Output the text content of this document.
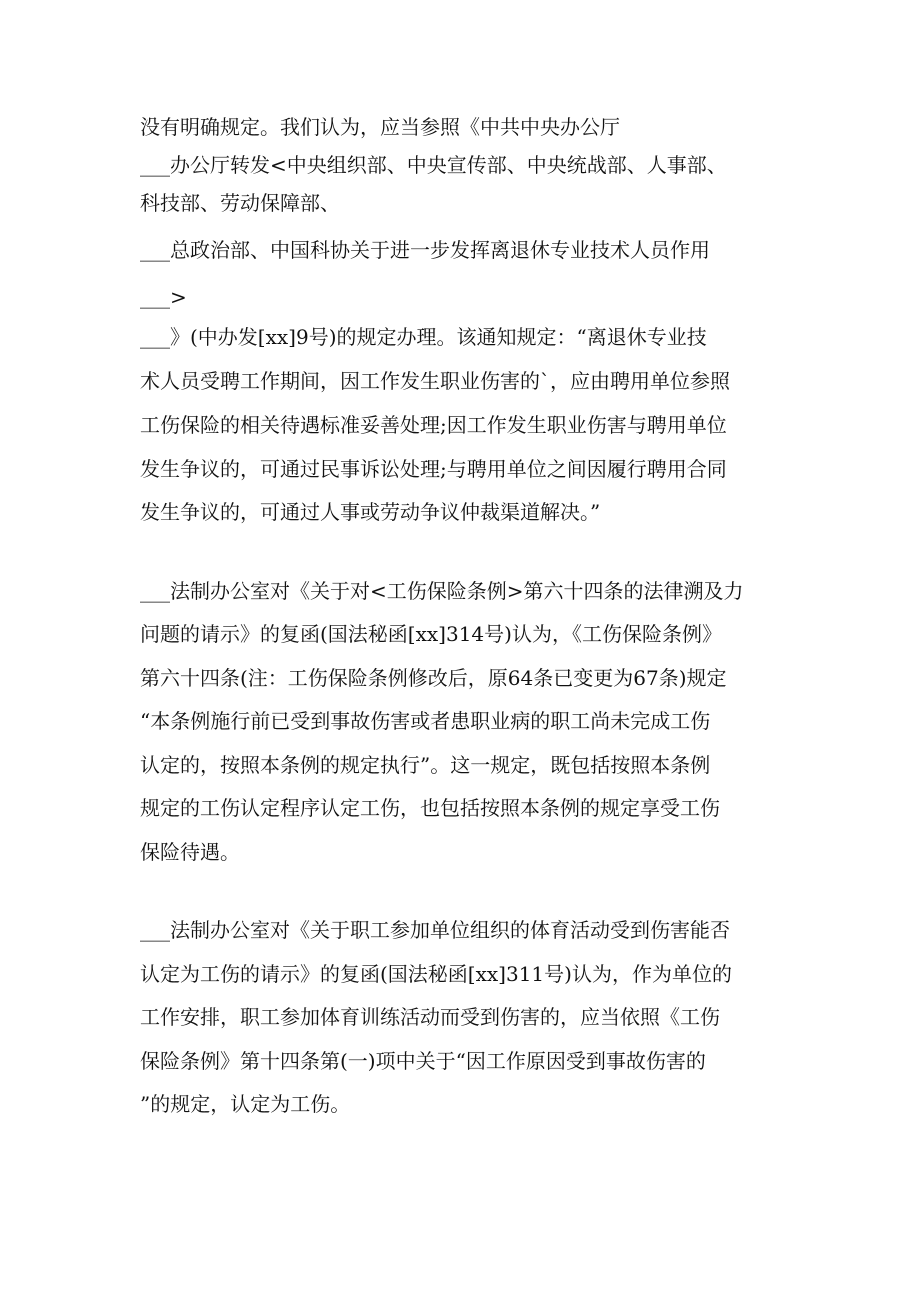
没有明确规定。我们认为，应当参照《中共中央办公厅
___办公厅转发<中央组织部、中央宣传部、中央统战部、人事部、
科技部、劳动保障部、
___总政治部、中国科协关于进一步发挥离退休专业技术人员作用
___>
___》(中办发[xx]9号)的规定办理。该通知规定：“离退休专业技
术人员受聘工作期间，因工作发生职业伤害的`，应由聘用单位参照
工伤保险的相关待遇标准妥善处理;因工作发生职业伤害与聘用单位
发生争议的，可通过民事诉讼处理;与聘用单位之间因履行聘用合同
发生争议的，可通过人事或劳动争议仲裁渠道解决。”
___法制办公室对《关于对<工伤保险条例>第六十四条的法律溯及力
问题的请示》的复函(国法秘函[xx]314号)认为，《工伤保险条例》
第六十四条(注：工伤保险条例修改后，原64条已变更为67条)规定
“本条例施行前已受到事故伤害或者患职业病的职工尚未完成工伤
认定的，按照本条例的规定执行”。这一规定，既包括按照本条例
规定的工伤认定程序认定工伤，也包括按照本条例的规定享受工伤
保险待遇。
___法制办公室对《关于职工参加单位组织的体育活动受到伤害能否
认定为工伤的请示》的复函(国法秘函[xx]311号)认为，作为单位的
工作安排，职工参加体育训练活动而受到伤害的，应当依照《工伤
保险条例》第十四条第(一)项中关于“因工作原因受到事故伤害的
”的规定，认定为工伤。
